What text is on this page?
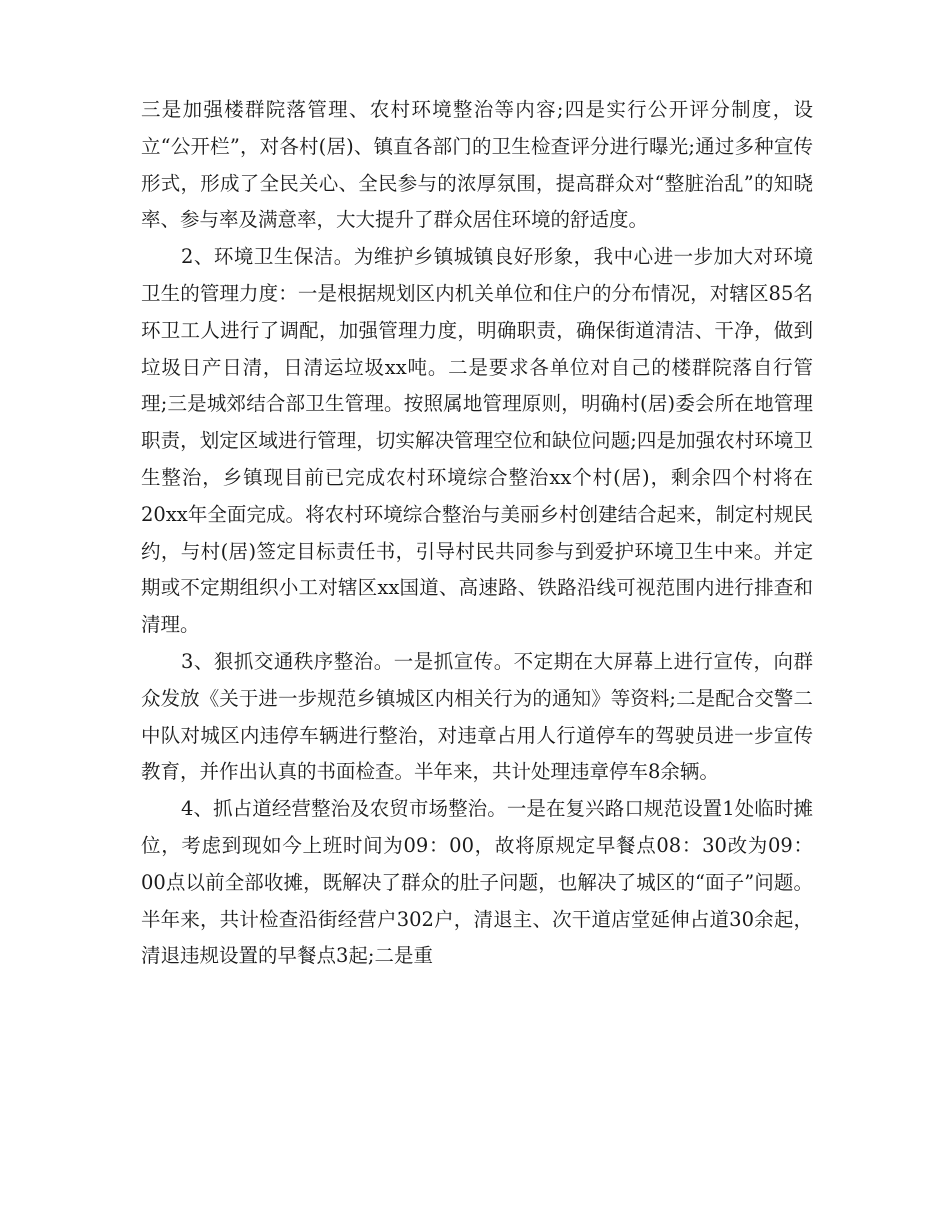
三是加强楼群院落管理、农村环境整治等内容;四是实行公开评分制度，设立“公开栏”，对各村(居)、镇直各部门的卫生检查评分进行曝光;通过多种宣传形式，形成了全民关心、全民参与的浓厚氛围，提高群众对“整脏治乱”的知晓率、参与率及满意率，大大提升了群众居住环境的舒适度。

2、环境卫生保洁。为维护乡镇城镇良好形象，我中心进一步加大对环境卫生的管理力度：一是根据规划区内机关单位和住户的分布情况，对辖区85名环卫工人进行了调配，加强管理力度，明确职责，确保街道清洁、干净，做到垃圾日产日清，日清运垃圾xx吨。二是要求各单位对自己的楼群院落自行管理;三是城郊结合部卫生管理。按照属地管理原则，明确村(居)委会所在地管理职责，划定区域进行管理，切实解决管理空位和缺位问题;四是加强农村环境卫生整治，乡镇现目前已完成农村环境综合整治xx个村(居)，剩余四个村将在20xx年全面完成。将农村环境综合整治与美丽乡村创建结合起来，制定村规民约，与村(居)签定目标责任书，引导村民共同参与到爱护环境卫生中来。并定期或不定期组织小工对辖区xx国道、高速路、铁路沿线可视范围内进行排查和清理。

3、狠抓交通秩序整治。一是抓宣传。不定期在大屏幕上进行宣传，向群众发放《关于进一步规范乡镇城区内相关行为的通知》等资料;二是配合交警二中队对城区内违停车辆进行整治，对违章占用人行道停车的驾驶员进一步宣传教育，并作出认真的书面检查。半年来，共计处理违章停车8余辆。

4、抓占道经营整治及农贸市场整治。一是在复兴路口规范设置1处临时摊位，考虑到现如今上班时间为09：00，故将原规定早餐点08：30改为09：00点以前全部收摊，既解决了群众的肚子问题，也解决了城区的“面子”问题。半年来，共计检查沿街经营户302户，清退主、次干道店堂延伸占道30余起，清退违规设置的早餐点3起;二是重
